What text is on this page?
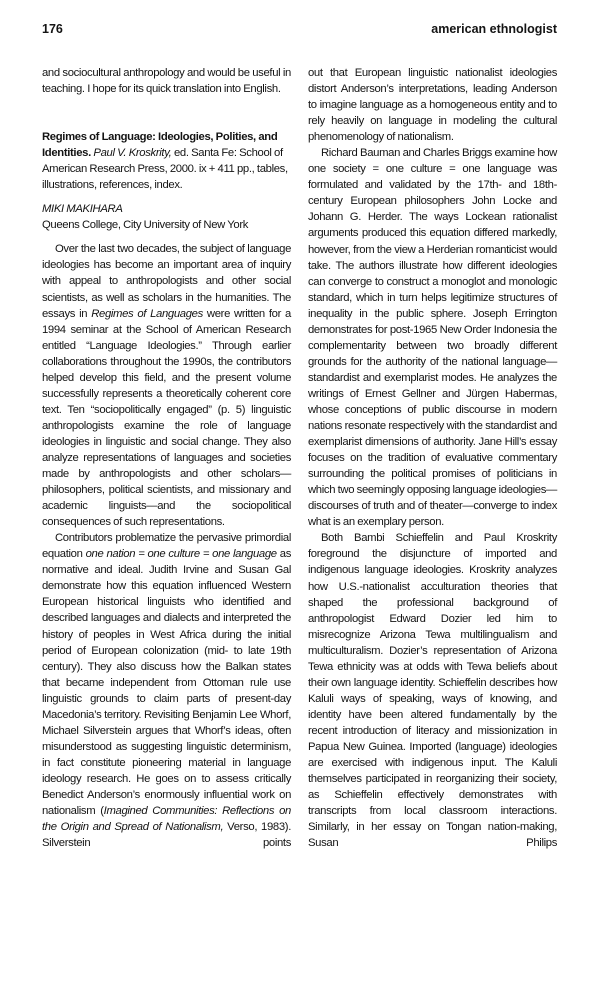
176	american ethnologist

and sociocultural anthropology and would be useful in teaching. I hope for its quick translation into English.

Regimes of Language: Ideologies, Polities, and Identities. Paul V. Kroskrity, ed. Santa Fe: School of American Research Press, 2000. ix + 411 pp., tables, illustrations, references, index.

MIKI MAKIHARA

Queens College, City University of New York

Over the last two decades, the subject of language ideologies has become an important area of inquiry with appeal to anthropologists and other social scientists, as well as scholars in the humanities. The essays in Regimes of Languages were written for a 1994 seminar at the School of American Research entitled “Language Ideologies.” Through earlier collaborations throughout the 1990s, the contributors helped develop this field, and the present volume successfully represents a theoretically coherent core text. Ten “sociopolitically engaged” (p. 5) linguistic anthropologists examine the role of language ideologies in linguistic and social change. They also analyze representations of languages and societies made by anthropologists and other scholars—philosophers, political scientists, and missionary and academic linguists—and the sociopolitical consequences of such representations.

Contributors problematize the pervasive primordial equation one nation = one culture = one language as normative and ideal. Judith Irvine and Susan Gal demonstrate how this equation influenced Western European historical linguists who identified and described languages and dialects and interpreted the history of peoples in West Africa during the initial period of European colonization (mid- to late 19th century). They also discuss how the Balkan states that became independent from Ottoman rule use linguistic grounds to claim parts of present-day Macedonia’s territory. Revisiting Benjamin Lee Whorf, Michael Silverstein argues that Whorf’s ideas, often misunderstood as suggesting linguistic determinism, in fact constitute pioneering material in language ideology research. He goes on to assess critically Benedict Anderson’s enormously influential work on nationalism (Imagined Communities: Reflections on the Origin and Spread of Nationalism, Verso, 1983). Silverstein points

out that European linguistic nationalist ideologies distort Anderson’s interpretations, leading Anderson to imagine language as a homogeneous entity and to rely heavily on language in modeling the cultural phenomenology of nationalism.

Richard Bauman and Charles Briggs examine how one society = one culture = one language was formulated and validated by the 17th- and 18th-century European philosophers John Locke and Johann G. Herder. The ways Lockean rationalist arguments produced this equation differed markedly, however, from the view a Herderian romanticist would take. The authors illustrate how different ideologies can converge to construct a monoglot and monologic standard, which in turn helps legitimize structures of inequality in the public sphere. Joseph Errington demonstrates for post-1965 New Order Indonesia the complementarity between two broadly different grounds for the authority of the national language—standardist and exemplarist modes. He analyzes the writings of Ernest Gellner and Jürgen Habermas, whose conceptions of public discourse in modern nations resonate respectively with the standardist and exemplarist dimensions of authority. Jane Hill’s essay focuses on the tradition of evaluative commentary surrounding the political promises of politicians in which two seemingly opposing language ideologies—discourses of truth and of theater—converge to index what is an exemplary person.

Both Bambi Schieffelin and Paul Kroskrity foreground the disjuncture of imported and indigenous language ideologies. Kroskrity analyzes how U.S.-nationalist acculturation theories that shaped the professional background of anthropologist Edward Dozier led him to misrecognize Arizona Tewa multilingualism and multiculturalism. Dozier’s representation of Arizona Tewa ethnicity was at odds with Tewa beliefs about their own language identity. Schieffelin describes how Kaluli ways of speaking, ways of knowing, and identity have been altered fundamentally by the recent introduction of literacy and missionization in Papua New Guinea. Imported (language) ideologies are exercised with indigenous input. The Kaluli themselves participated in reorganizing their society, as Schieffelin effectively demonstrates with transcripts from local classroom interactions. Similarly, in her essay on Tongan nation-making, Susan Philips
